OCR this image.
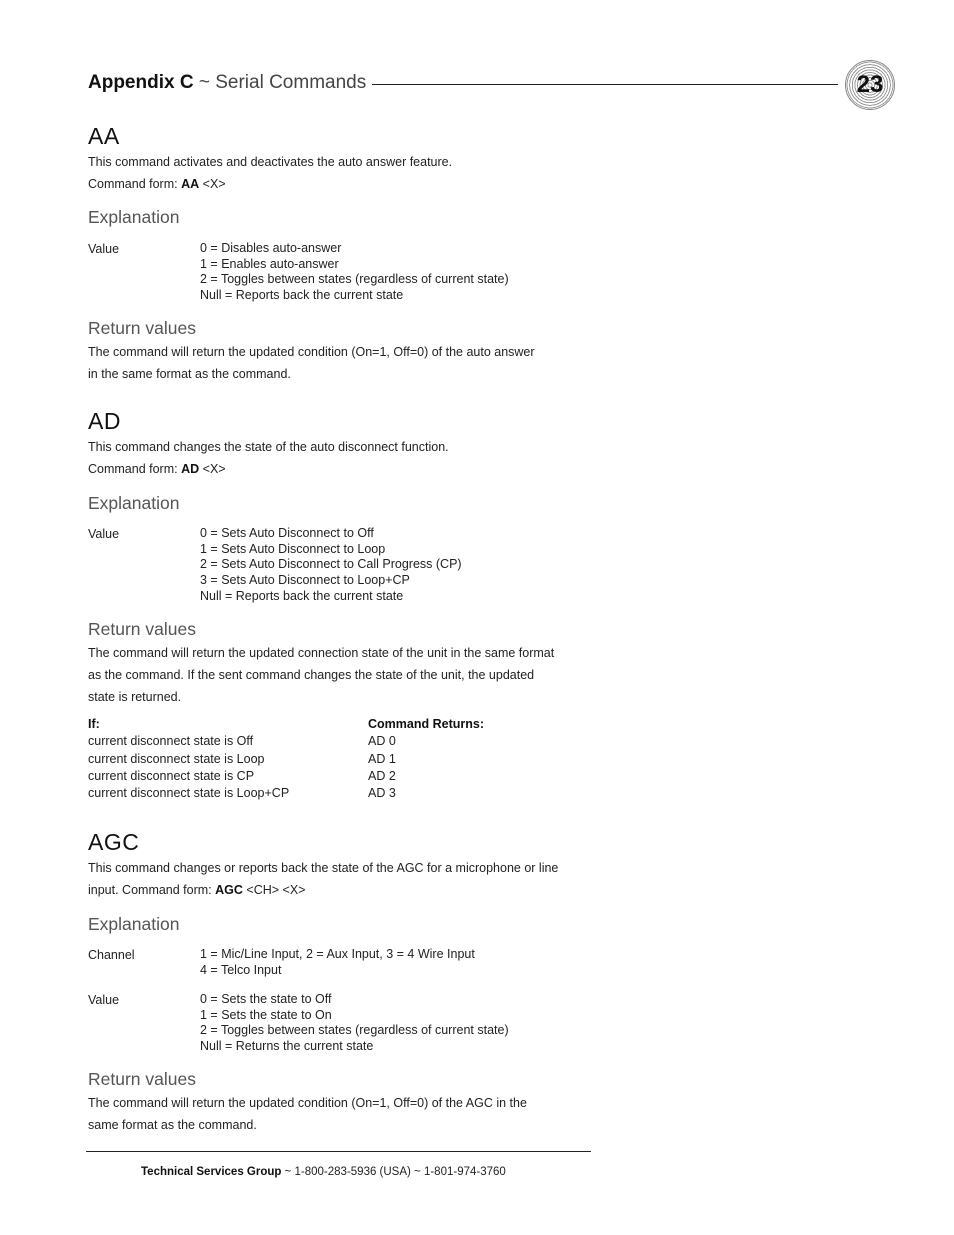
Appendix C ~ Serial Commands	23
AA
This command activates and deactivates the auto answer feature.
Command form: AA <X>
Explanation
Value	0 = Disables auto-answer
1 = Enables auto-answer
2 = Toggles between states (regardless of current state)
Null = Reports back the current state
Return values
The command will return the updated condition (On=1, Off=0) of the auto answer
in the same format as the command.
AD
This command changes the state of the auto disconnect function.
Command form: AD <X>
Explanation
Value	0 = Sets Auto Disconnect to Off
1 = Sets Auto Disconnect to Loop
2 = Sets Auto Disconnect to Call Progress (CP)
3 = Sets Auto Disconnect to Loop+CP
Null = Reports back the current state
Return values
The command will return the updated connection state of the unit in the same format
as the command. If the sent command changes the state of the unit, the updated
state is returned.
If:	Command Returns:
current disconnect state is Off	AD 0
current disconnect state is Loop	AD 1
current disconnect state is CP	AD 2
current disconnect state is Loop+CP	AD 3
AGC
This command changes or reports back the state of the AGC for a microphone or line
input. Command form: AGC <CH> <X>
Explanation
Channel	1 = Mic/Line Input, 2 = Aux Input, 3 = 4 Wire Input
4 = Telco Input
Value	0 = Sets the state to Off
1 = Sets the state to On
2 = Toggles between states (regardless of current state)
Null = Returns the current state
Return values
The command will return the updated condition (On=1, Off=0) of the AGC in the
same format as the command.
Technical Services Group ~ 1-800-283-5936 (USA) ~ 1-801-974-3760
